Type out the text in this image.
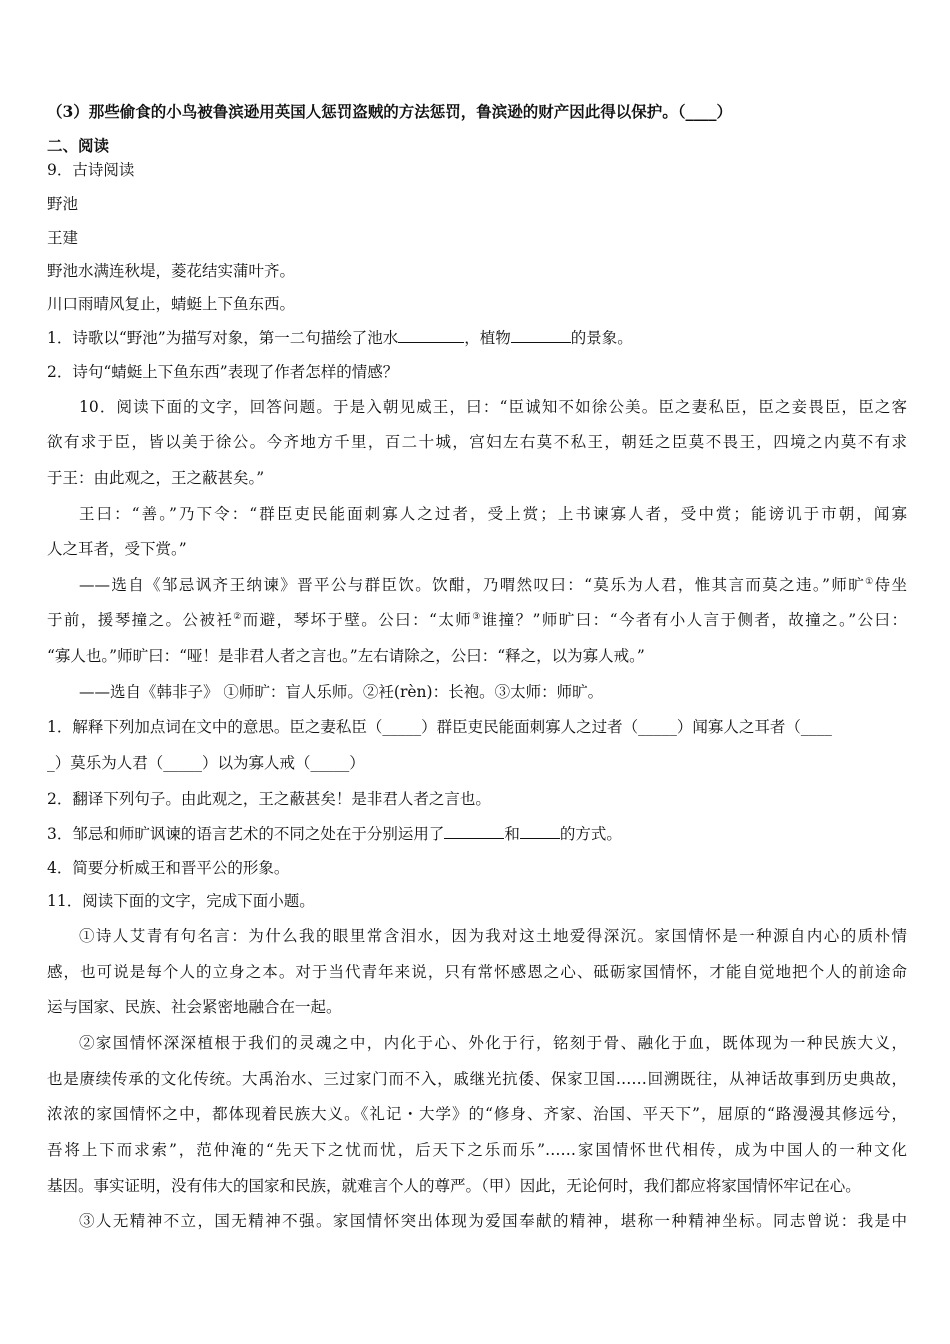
（3）那些偷食的小鸟被鲁滨逊用英国人惩罚盗贼的方法惩罚，鲁滨逊的财产因此得以保护。（____）
二、阅读
9．古诗阅读
野池
王建
野池水满连秋堤，菱花结实蒲叶齐。
川口雨晴风复止，蜻蜓上下鱼东西。
1．诗歌以“野池”为描写对象，第一二句描绘了池水	，植物	的景象。
2．诗句“蜻蜓上下鱼东西”表现了作者怎样的情感？
10．阅读下面的文字，回答问题。于是入朝见威王，曰：“臣诚知不如徐公美。臣之妻私臣，臣之妾畏臣，臣之客
欲有求于臣，皆以美于徐公。今齐地方千里，百二十城，宫妇左右莫不私王，朝廷之臣莫不畏王，四境之内莫不有求
于王：由此观之，王之蔽甚矣。”
王曰：“善。”乃下令：“群臣吏民能面刺寡人之过者，受上赏；上书谏寡人者，受中赏；能谤讥于市朝，闻寡
人之耳者，受下赏。”
——选自《邹忌讽齐王纳谏》晋平公与群臣饮。饮酣，乃喟然叹曰：“莫乐为人君，惟其言而莫之违。”师旷①侍坐
于前，援琴撞之。公被衽②而避，琴坏于壁。公曰：“太师③谁撞？”师旷曰：“今者有小人言于侧者，故撞之。”公曰：
“寡人也。”师旷曰：“哑！是非君人者之言也。”左右请除之，公曰：“释之，以为寡人戒。”
——选自《韩非子》 ①师旷：盲人乐师。②衽(rèn)：长袍。③太师：师旷。
1．解释下列加点词在文中的意思。臣之妻私臣（_____）群臣吏民能面刺寡人之过者（_____）闻寡人之耳者（____
_）莫乐为人君（_____）以为寡人戒（_____）
2．翻译下列句子。由此观之，王之蔽甚矣！是非君人者之言也。
3．邹忌和师旷讽谏的语言艺术的不同之处在于分别运用了	和	的方式。
4．简要分析威王和晋平公的形象。
11．阅读下面的文字，完成下面小题。
①诗人艾青有句名言：为什么我的眼里常含泪水，因为我对这土地爱得深沉。家国情怀是一种源自内心的质朴情
感，也可说是每个人的立身之本。对于当代青年来说，只有常怀感恩之心、砥砺家国情怀，才能自觉地把个人的前途命
运与国家、民族、社会紧密地融合在一起。
②家国情怀深深植根于我们的灵魂之中，内化于心、外化于行，铭刻于骨、融化于血，既体现为一种民族大义，
也是赓续传承的文化传统。大禹治水、三过家门而不入，戚继光抗倭、保家卫国……回溯既往，从神话故事到历史典故，
浓浓的家国情怀之中，都体现着民族大义。《礼记・大学》的“修身、齐家、治国、平天下”，屈原的“路漫漫其修远兮，
吾将上下而求索”，范仲淹的“先天下之忧而忧，后天下之乐而乐”……家国情怀世代相传，成为中国人的一种文化
基因。事实证明，没有伟大的国家和民族，就难言个人的尊严。（甲）因此，无论何时，我们都应将家国情怀牢记在心。
③人无精神不立，国无精神不强。家国情怀突出体现为爱国奉献的精神，堪称一种精神坐标。同志曾说：我是中
